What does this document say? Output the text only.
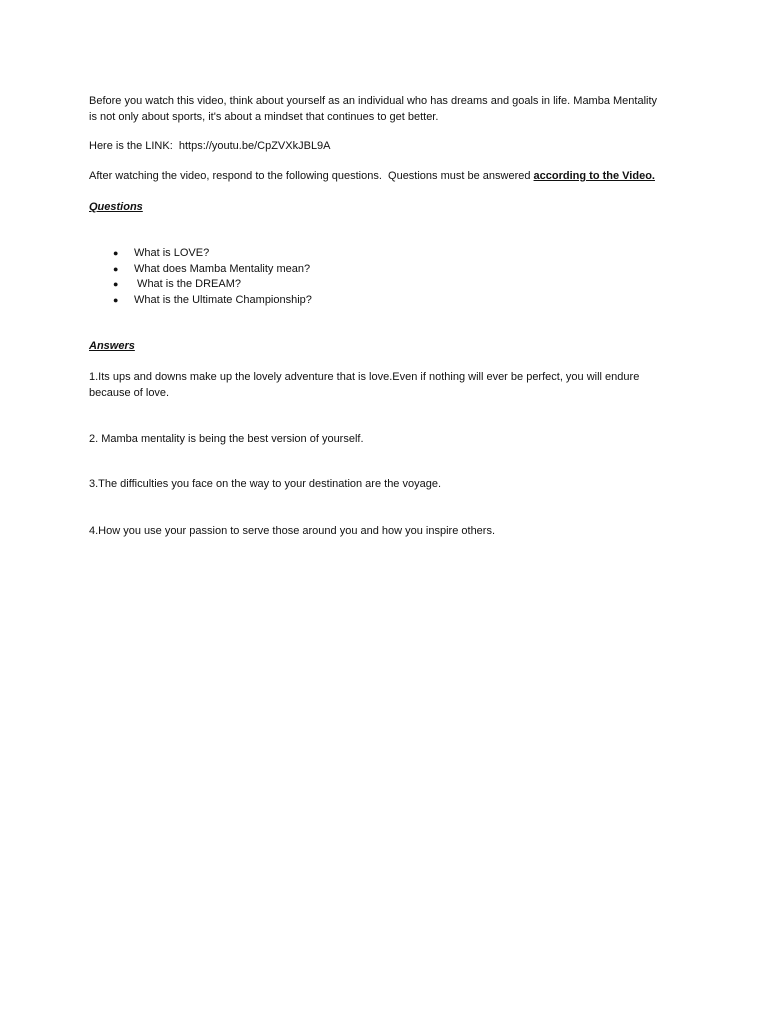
Before you watch this video, think about yourself as an individual who has dreams and goals in life. Mamba Mentality
is not only about sports, it's about a mindset that continues to get better.

Here is the LINK:  https://youtu.be/CpZVXkJBL9A

After watching the video, respond to the following questions.  Questions must be answered according to the Video.

Questions

● What is LOVE?
● What does Mamba Mentality mean?
● What is the DREAM?
● What is the Ultimate Championship?

Answers

1.Its ups and downs make up the lovely adventure that is love.Even if nothing will ever be perfect, you will endure
because of love.

2. Mamba mentality is being the best version of yourself.

3.The difficulties you face on the way to your destination are the voyage.

4.How you use your passion to serve those around you and how you inspire others.
